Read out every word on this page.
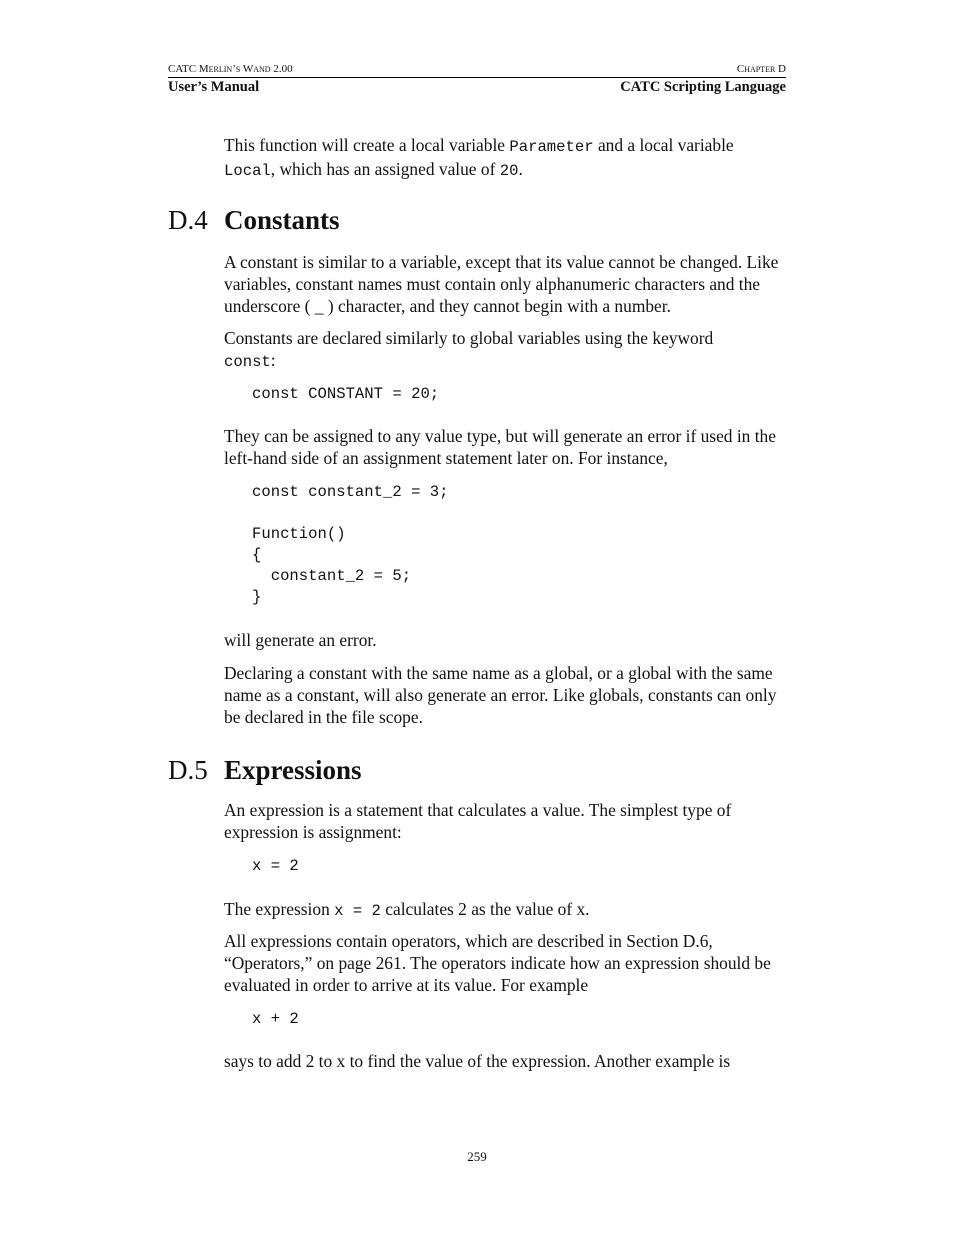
CATC Merlin’s Wand 2.00	Chapter D
User’s Manual	CATC Scripting Language

This function will create a local variable Parameter and a local variable Local, which has an assigned value of 20.

D.4 Constants

A constant is similar to a variable, except that its value cannot be changed. Like variables, constant names must contain only alphanumeric characters and the underscore ( _ ) character, and they cannot begin with a number.

Constants are declared similarly to global variables using the keyword
const:

const CONSTANT = 20;

They can be assigned to any value type, but will generate an error if used in the left-hand side of an assignment statement later on. For instance,

const constant_2 = 3;

Function()
{
constant_2 = 5;
}

will generate an error.

Declaring a constant with the same name as a global, or a global with the same name as a constant, will also generate an error. Like globals, constants can only be declared in the file scope.

D.5 Expressions

An expression is a statement that calculates a value. The simplest type of expression is assignment:

x = 2

The expression x = 2 calculates 2 as the value of x.

All expressions contain operators, which are described in Section D.6, “Operators,” on page 261. The operators indicate how an expression should be evaluated in order to arrive at its value. For example

x + 2

says to add 2 to x to find the value of the expression. Another example is

259
